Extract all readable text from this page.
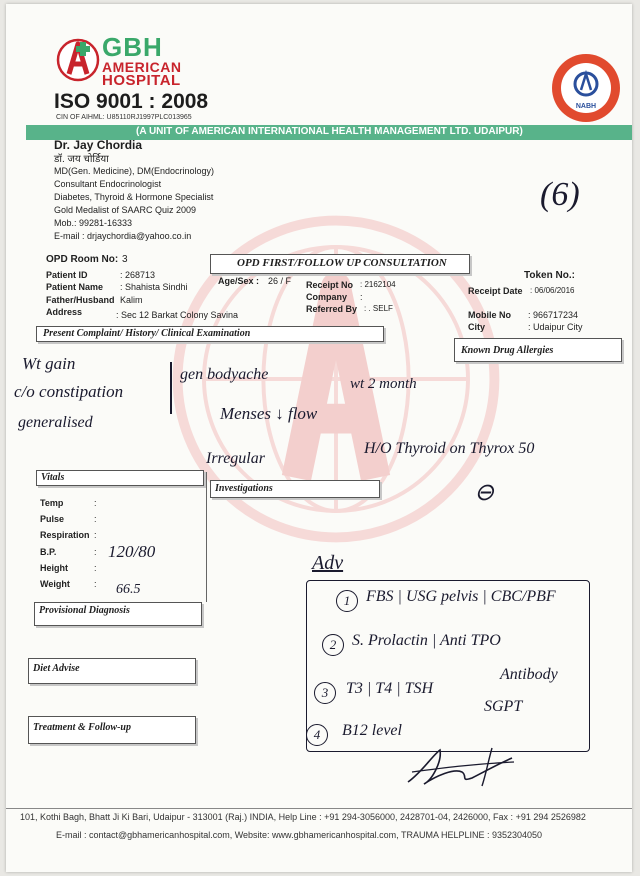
GBH
AMERICAN
HOSPITAL
ISO 9001 : 2008
CIN OF AIHML: U85110RJ1997PLC013965
NABH
(A UNIT OF AMERICAN INTERNATIONAL HEALTH MANAGEMENT LTD. UDAIPUR)
Dr. Jay Chordia
डॉ. जय चोर्डिया
MD(Gen. Medicine), DM(Endocrinology)
Consultant Endocrinologist
Diabetes, Thyroid & Hormone Specialist
Gold Medalist of SAARC Quiz 2009
Mob.: 99281-16333
E-mail : drjaychordia@yahoo.co.in
(6)
OPD Room No: 3	OPD FIRST/FOLLOW UP CONSULTATION
Token No.:
Patient ID	: 268713
Patient Name : Shahista Sindhi
Father/Husband Kalim
Address	: Sec 12 Barkat Colony Savina
Age/Sex : 26 / F Receipt No : 2162104
Company :
Referred By : . SELF
Receipt Date : 06/06/2016
Mobile No : 966717234
City	: Udaipur City
Present Complaint/ History/ Clinical Examination
Known Drug Allergies
Wt gain
c/o constipation
generalised
gen bodyache
Menses ↓ flow
Irregular
wt 2 month
H/O Thyroid on Thyrox 50
⊖
Vitals
Investigations
Temp	:
Pulse	:
Respiration :
B.P.	: 120/80
Height	:
Weight	: 66.5
Provisional Diagnosis
Diet Advise
Treatment & Follow-up
Adv
1 FBS | USG pelvis | CBC/PBF
2 S. Prolactin | Anti TPO
Antibody
3	T3 | T4 | TSH
SGPT
4	B12 level
101, Kothi Bagh, Bhatt Ji Ki Bari, Udaipur - 313001 (Raj.) INDIA, Help Line : +91 294-3056000, 2428701-04, 2426000, Fax : +91 294 2526982
E-mail : contact@gbhamericanhospital.com, Website: www.gbhamericanhospital.com, TRAUMA HELPLINE : 9352304050
